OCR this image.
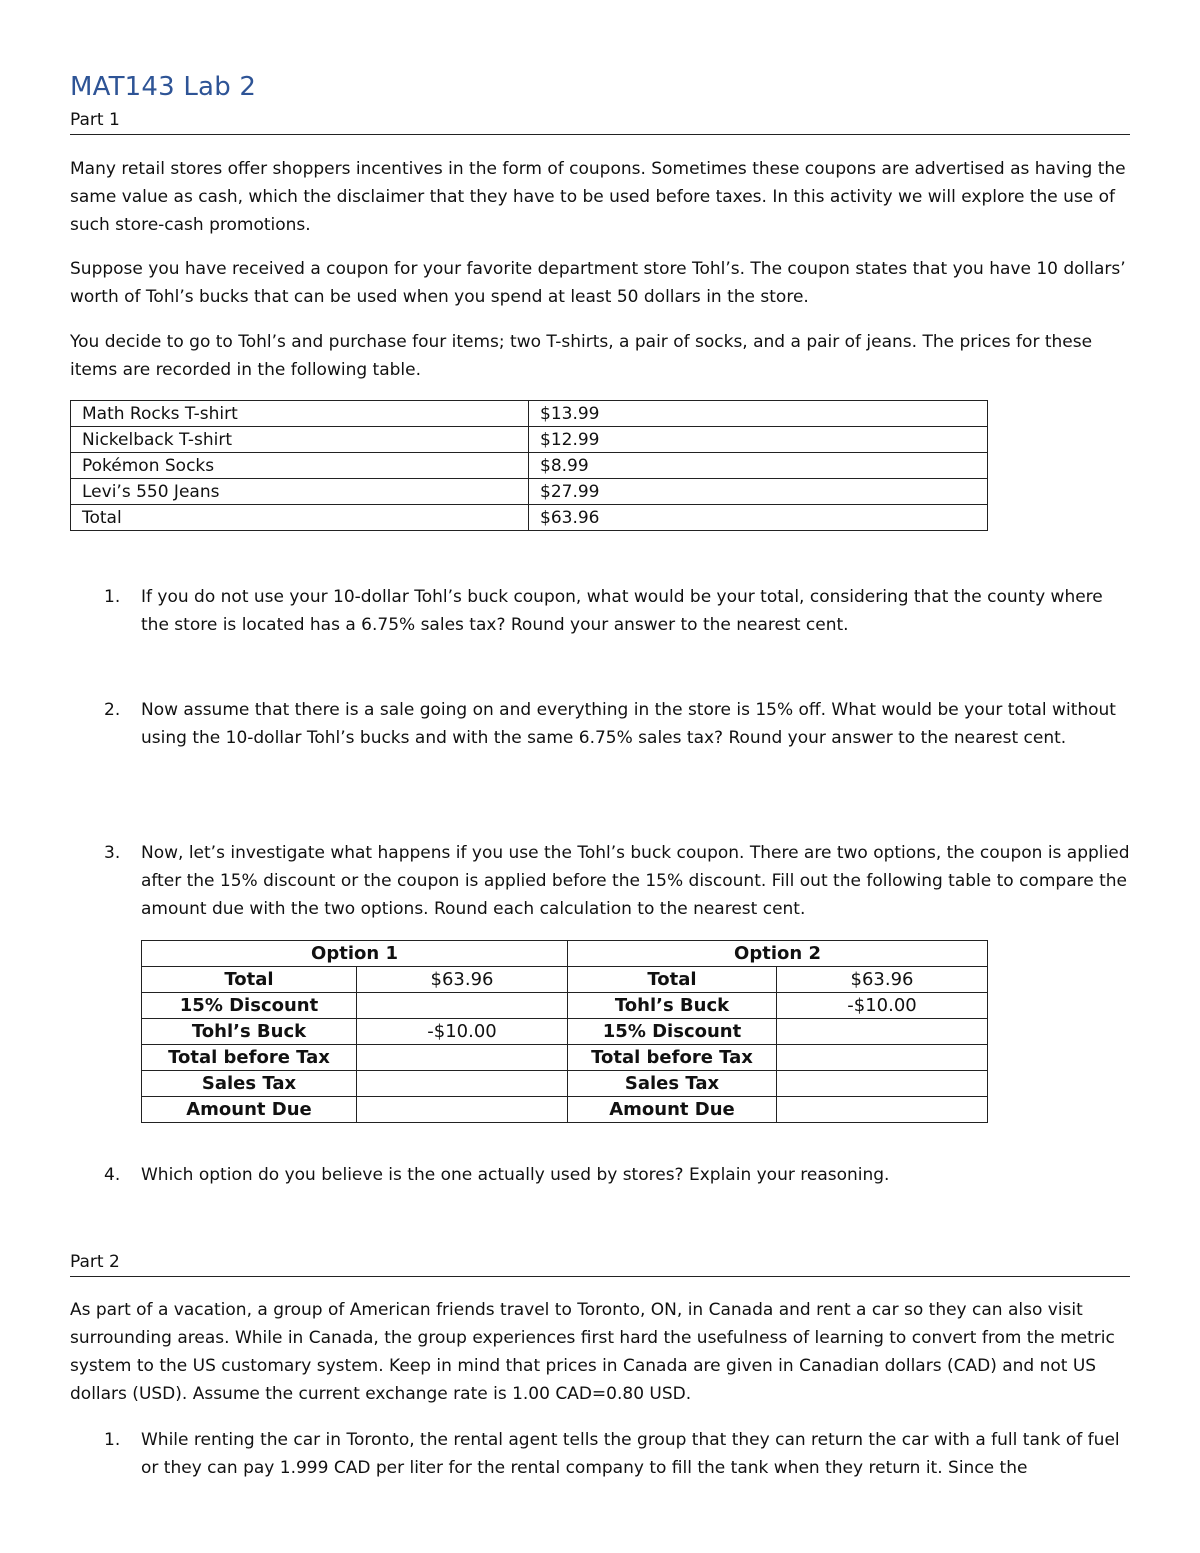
MAT143 Lab 2
Part 1
Many retail stores offer shoppers incentives in the form of coupons. Sometimes these coupons are advertised as having the same value as cash, which the disclaimer that they have to be used before taxes. In this activity we will explore the use of such store-cash promotions.
Suppose you have received a coupon for your favorite department store Tohl’s. The coupon states that you have 10 dollars’ worth of Tohl’s bucks that can be used when you spend at least 50 dollars in the store.
You decide to go to Tohl’s and purchase four items; two T-shirts, a pair of socks, and a pair of jeans. The prices for these items are recorded in the following table.
Math Rocks T-shirt	$13.99
Nickelback T-shirt	$12.99
Pokémon Socks	$8.99
Levi’s 550 Jeans	$27.99
Total	$63.96
1. If you do not use your 10-dollar Tohl’s buck coupon, what would be your total, considering that the county where the store is located has a 6.75% sales tax? Round your answer to the nearest cent.
2. Now assume that there is a sale going on and everything in the store is 15% off. What would be your total without using the 10-dollar Tohl’s bucks and with the same 6.75% sales tax? Round your answer to the nearest cent.
3. Now, let’s investigate what happens if you use the Tohl’s buck coupon. There are two options, the coupon is applied after the 15% discount or the coupon is applied before the 15% discount. Fill out the following table to compare the amount due with the two options. Round each calculation to the nearest cent.
Option 1		Option 2	
Total	$63.96	Total	$63.96
15% Discount		Tohl’s Buck	-$10.00
Tohl’s Buck	-$10.00	15% Discount	
Total before Tax		Total before Tax	
Sales Tax		Sales Tax	
Amount Due		Amount Due	
4. Which option do you believe is the one actually used by stores? Explain your reasoning.
Part 2
As part of a vacation, a group of American friends travel to Toronto, ON, in Canada and rent a car so they can also visit surrounding areas. While in Canada, the group experiences first hard the usefulness of learning to convert from the metric system to the US customary system. Keep in mind that prices in Canada are given in Canadian dollars (CAD) and not US dollars (USD). Assume the current exchange rate is 1.00 CAD=0.80 USD.
1. While renting the car in Toronto, the rental agent tells the group that they can return the car with a full tank of fuel or they can pay 1.999 CAD per liter for the rental company to fill the tank when they return it. Since the
